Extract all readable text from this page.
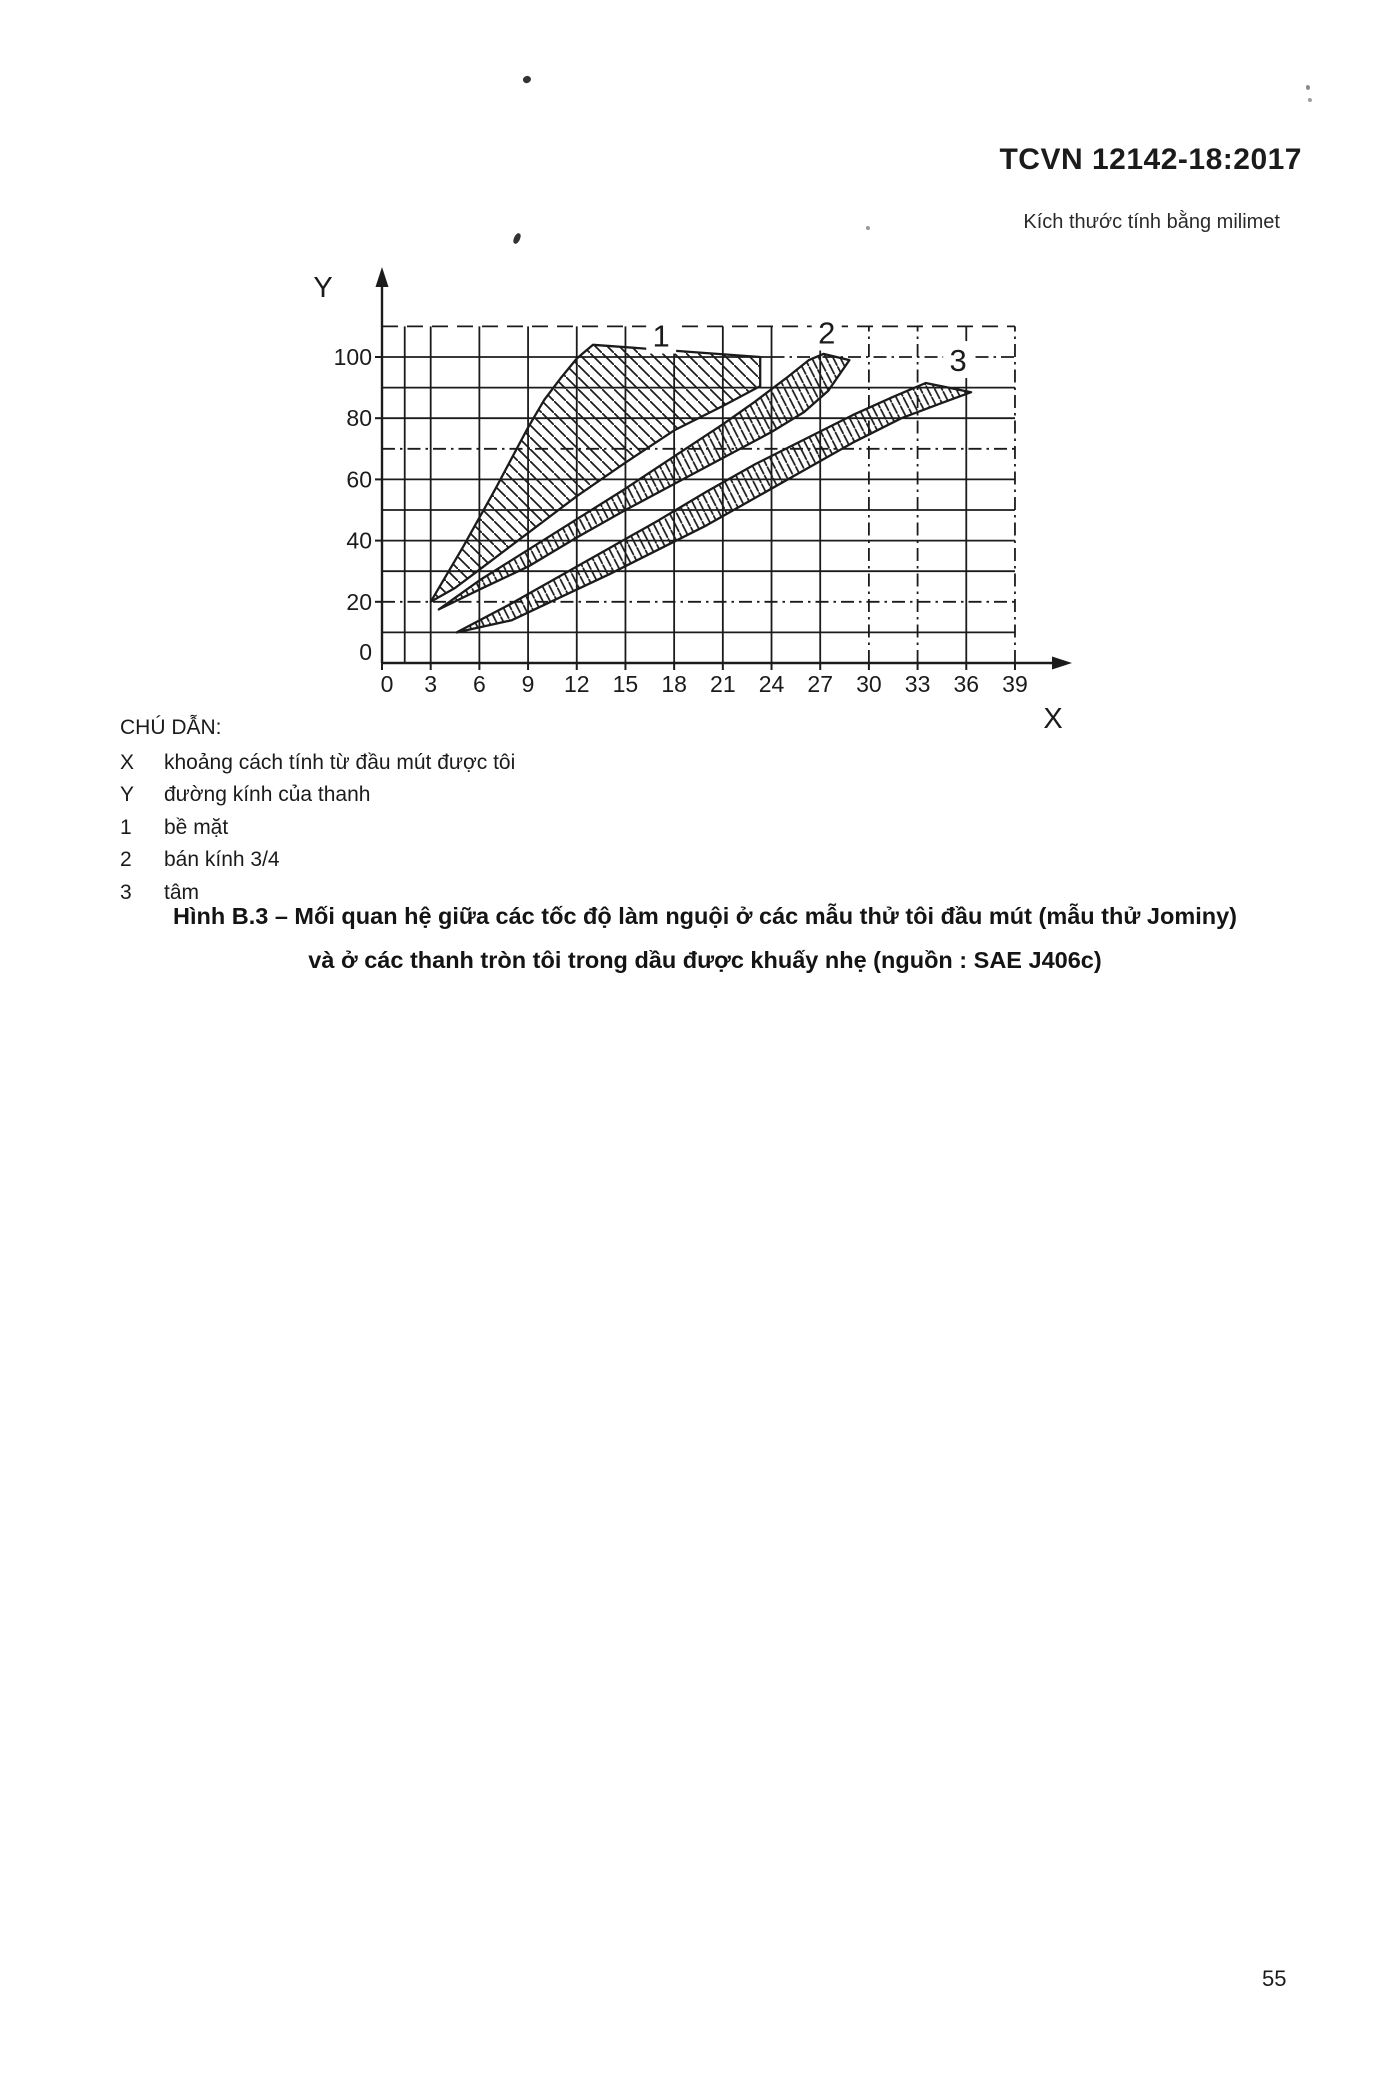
TCVN 12142-18:2017
Kích thước tính bằng milimet
1	2
3
0 3 6 9 12 15 18 21 24 27 30 33 36 39
0
20
40
60
80
100
Y
X
CHÚ DẪN:
X	khoảng cách tính từ đầu mút được tôi
Y	đường kính của thanh
1	bề mặt
2	bán kính 3/4
3	tâm
Hình B.3 – Mối quan hệ giữa các tốc độ làm nguội ở các mẫu thử tôi đầu mút (mẫu thử Jominy)
và ở các thanh tròn tôi trong dầu được khuấy nhẹ (nguồn : SAE J406c)
55
